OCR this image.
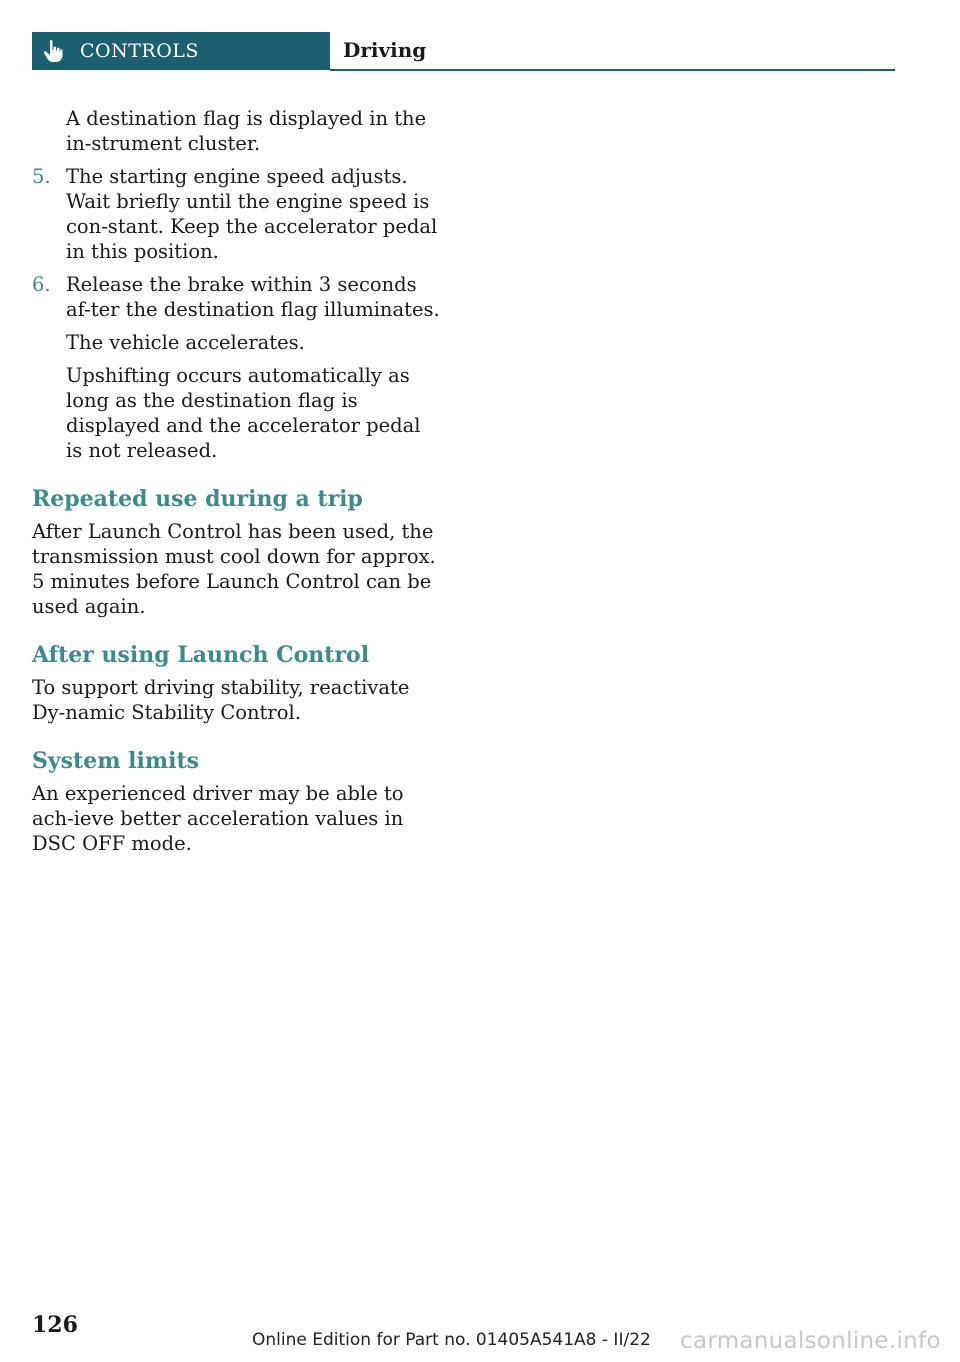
CONTROLS	Driving

A destination flag is displayed in the in-strument cluster.

5. The starting engine speed adjusts. Wait briefly until the engine speed is con-stant. Keep the accelerator pedal in this position.

6. Release the brake within 3 seconds af-ter the destination flag illuminates.

The vehicle accelerates.

Upshifting occurs automatically as long as the destination flag is displayed and the accelerator pedal is not released.

Repeated use during a trip

After Launch Control has been used, the transmission must cool down for approx. 5 minutes before Launch Control can be used again.

After using Launch Control

To support driving stability, reactivate Dy-namic Stability Control.

System limits

An experienced driver may be able to ach-ieve better acceleration values in DSC OFF mode.

126
Online Edition for Part no. 01405A541A8 - II/22 carmanualsonline.info
